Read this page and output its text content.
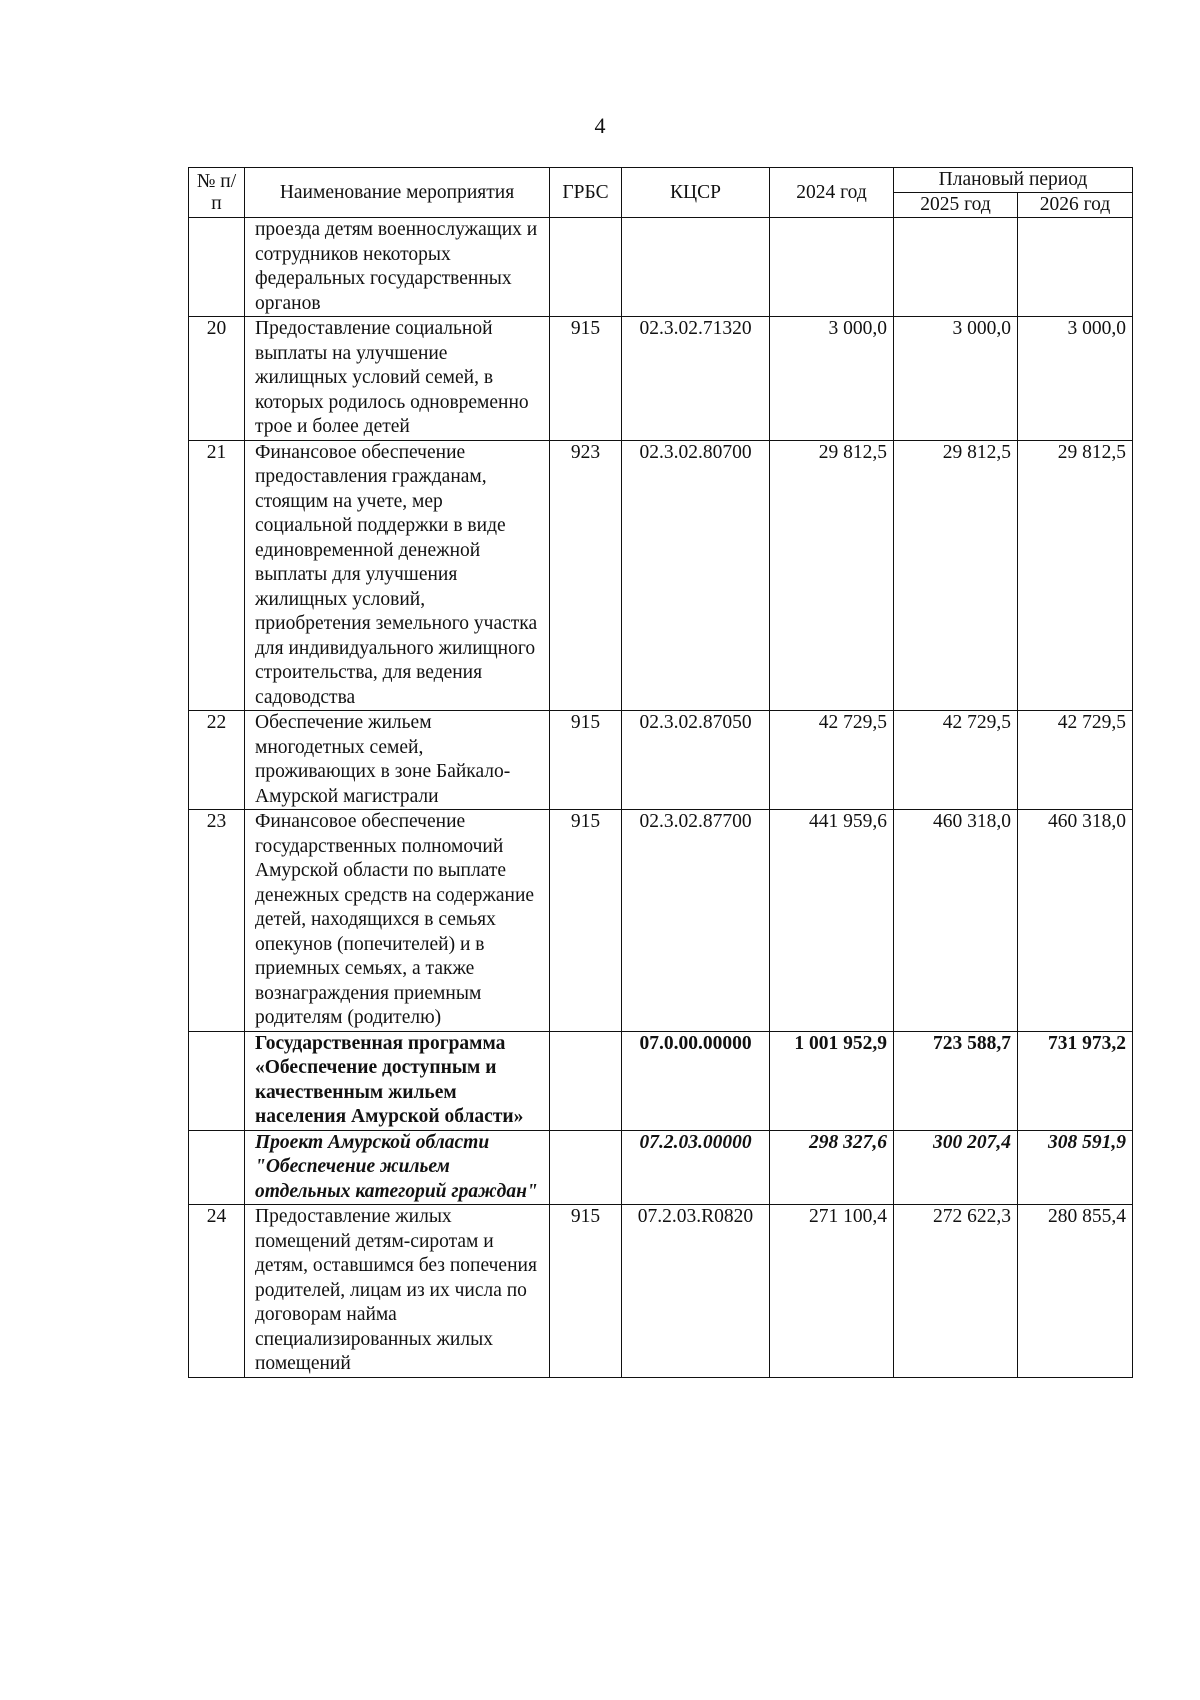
4
№ п/п	Наименование мероприятия	ГРБС	КЦСР	2024 год	Плановый период	
					2025 год	2026 год
	проезда детям военнослужащих и сотрудников некоторых федеральных государственных органов					
20	Предоставление социальной выплаты на улучшение жилищных условий семей, в которых родилось одновременно трое и более детей	915	02.3.02.71320	3 000,0	3 000,0	3 000,0
21	Финансовое обеспечение предоставления гражданам, стоящим на учете, мер социальной поддержки в виде единовременной денежной выплаты для улучшения жилищных условий, приобретения земельного участка для индивидуального жилищного строительства, для ведения садоводства	923	02.3.02.80700	29 812,5	29 812,5	29 812,5
22	Обеспечение жильем многодетных семей, проживающих в зоне Байкало-Амурской магистрали	915	02.3.02.87050	42 729,5	42 729,5	42 729,5
23	Финансовое обеспечение государственных полномочий Амурской области по выплате денежных средств на содержание детей, находящихся в семьях опекунов (попечителей) и в приемных семьях, а также вознаграждения приемным родителям (родителю)	915	02.3.02.87700	441 959,6	460 318,0	460 318,0
	Государственная программа «Обеспечение доступным и качественным жильем населения Амурской области»		07.0.00.00000	1 001 952,9	723 588,7	731 973,2
	Проект Амурской области "Обеспечение жильем отдельных категорий граждан"		07.2.03.00000	298 327,6	300 207,4	308 591,9
24	Предоставление жилых помещений детям-сиротам и детям, оставшимся без попечения родителей, лицам из их числа по договорам найма специализированных жилых помещений	915	07.2.03.R0820	271 100,4	272 622,3	280 855,4
